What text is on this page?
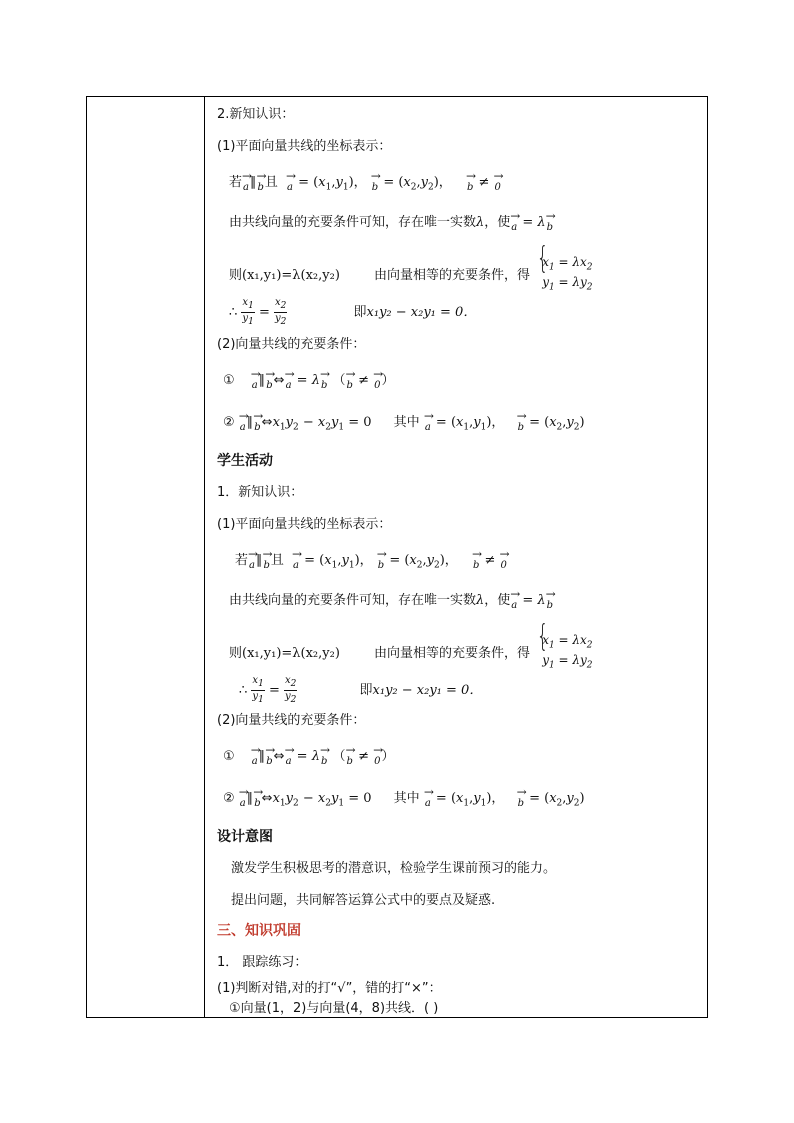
2.新知认识：
(1)平面向量共线的坐标表示：
若→ a∥→ b且 → $a = (x_1,y_1)$， → $b = (x_2,y_2)$， → b ≠ → 0
由共线向量的充要条件可知，存在唯一实数λ，使→ a = λ→ b
则(x₁,y₁)=λ(x₂,y₂)	由向量相等的充要条件，得 { $x_1 = \lambda x_2$
$y_1 = \lambda y_2$
∴ $\frac{x_1}{y_1} = \frac{x_2}{y_2}$	即x₁y₂ − x₂y₁ = 0．
(2)向量共线的充要条件：
① → a∥→ b⇔→ a = λ→ b （→ b ≠ → 0）
② → a∥→ $b\Leftrightarrow x_1y_2 - x_2y_1 = 0$ 其中 → $a = (x_1,y_1)$， → $b = (x_2,y_2)$
学生活动
1．新知认识：
(1)平面向量共线的坐标表示：
若→ a∥→ b且 → $a = (x_1,y_1)$， → $b = (x_2,y_2)$， → b ≠ → 0
由共线向量的充要条件可知，存在唯一实数λ，使→ a = λ→ b
则(x₁,y₁)=λ(x₂,y₂)	由向量相等的充要条件，得 { $x_1 = \lambda x_2$
$y_1 = \lambda y_2$
∴ $\frac{x_1}{y_1} = \frac{x_2}{y_2}$	即x₁y₂ − x₂y₁ = 0．
(2)向量共线的充要条件：
① → a∥→ b⇔→ a = λ→ b （→ b ≠ → 0）
② → a∥→ $b\Leftrightarrow x_1y_2 - x_2y_1 = 0$ 其中 → $a = (x_1,y_1)$， → $b = (x_2,y_2)$
设计意图
激发学生积极思考的潜意识，检验学生课前预习的能力。
提出问题，共同解答运算公式中的要点及疑惑.
三、知识巩固
1． 跟踪练习：
(1)判断对错,对的打“√”，错的打“×”：
①向量(1，2)与向量(4，8)共线．( )
